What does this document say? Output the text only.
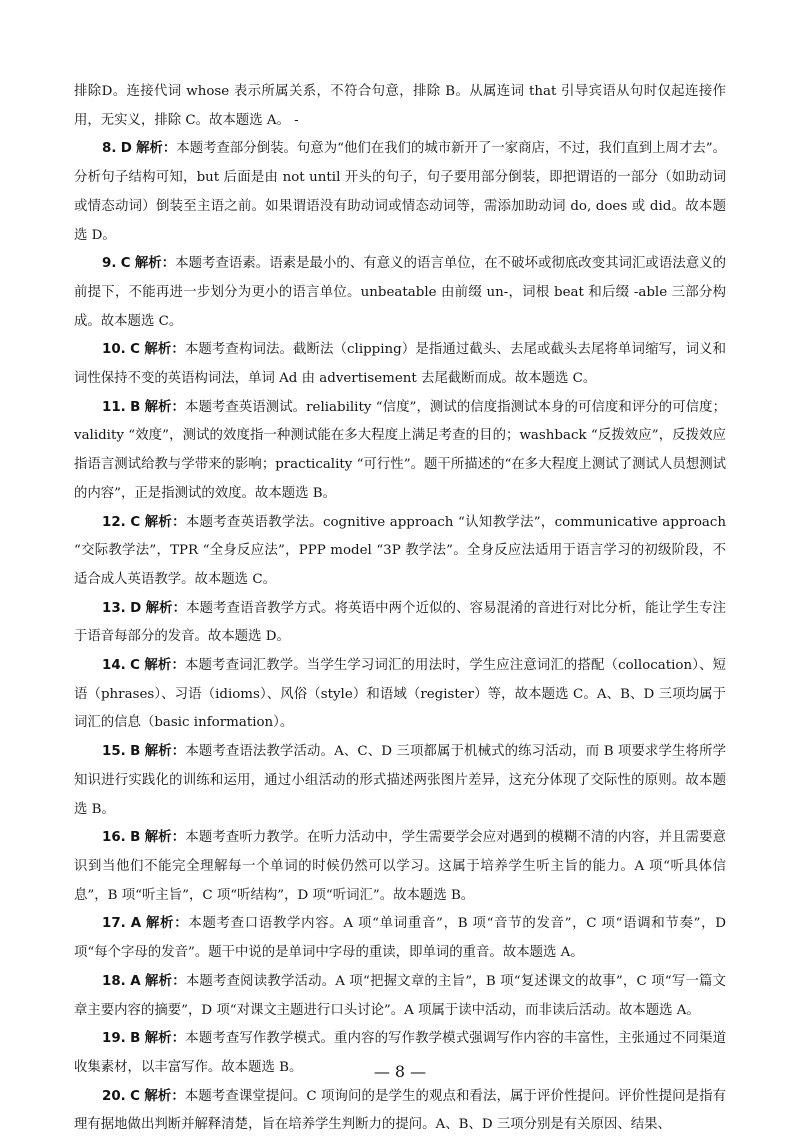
排除D。连接代词 whose 表示所属关系，不符合句意，排除 B。从属连词 that 引导宾语从句时仅起连接作用，无实义，排除 C。故本题选 A。 -

8. D 解析：本题考查部分倒装。句意为“他们在我们的城市新开了一家商店，不过，我们直到上周才去”。分析句子结构可知，but 后面是由 not until 开头的句子，句子要用部分倒装，即把谓语的一部分（如助动词或情态动词）倒装至主语之前。如果谓语没有助动词或情态动词等，需添加助动词 do, does 或 did。故本题选 D。

9. C 解析：本题考查语素。语素是最小的、有意义的语言单位，在不破坏或彻底改变其词汇或语法意义的前提下，不能再进一步划分为更小的语言单位。unbeatable 由前缀 un-，词根 beat 和后缀 -able 三部分构成。故本题选 C。

10. C 解析：本题考查构词法。截断法（clipping）是指通过截头、去尾或截头去尾将单词缩写，词义和词性保持不变的英语构词法，单词 Ad 由 advertisement 去尾截断而成。故本题选 C。

11. B 解析：本题考查英语测试。reliability “信度”，测试的信度指测试本身的可信度和评分的可信度；validity “效度”，测试的效度指一种测试能在多大程度上满足考查的目的；washback “反拨效应”，反拨效应指语言测试给教与学带来的影响；practicality “可行性”。题干所描述的“在多大程度上测试了测试人员想测试的内容”，正是指测试的效度。故本题选 B。

12. C 解析：本题考查英语教学法。cognitive approach “认知教学法”，communicative approach “交际教学法”，TPR “全身反应法”，PPP model “3P 教学法”。全身反应法适用于语言学习的初级阶段，不适合成人英语教学。故本题选 C。

13. D 解析：本题考查语音教学方式。将英语中两个近似的、容易混淆的音进行对比分析，能让学生专注于语音每部分的发音。故本题选 D。

14. C 解析：本题考查词汇教学。当学生学习词汇的用法时，学生应注意词汇的搭配（collocation）、短语（phrases）、习语（idioms）、风俗（style）和语域（register）等，故本题选 C。A、B、D 三项均属于词汇的信息（basic information）。

15. B 解析：本题考查语法教学活动。A、C、D 三项都属于机械式的练习活动，而 B 项要求学生将所学知识进行实践化的训练和运用，通过小组活动的形式描述两张图片差异，这充分体现了交际性的原则。故本题选 B。

16. B 解析：本题考查听力教学。在听力活动中，学生需要学会应对遇到的模糊不清的内容，并且需要意识到当他们不能完全理解每一个单词的时候仍然可以学习。这属于培养学生听主旨的能力。A 项“听具体信息”，B 项“听主旨”，C 项“听结构”，D 项“听词汇”。故本题选 B。

17. A 解析：本题考查口语教学内容。A 项“单词重音”，B 项“音节的发音”，C 项“语调和节奏”，D 项“每个字母的发音”。题干中说的是单词中字母的重读，即单词的重音。故本题选 A。

18. A 解析：本题考查阅读教学活动。A 项“把握文章的主旨”，B 项“复述课文的故事”，C 项“写一篇文章主要内容的摘要”，D 项“对课文主题进行口头讨论”。A 项属于读中活动，而非读后活动。故本题选 A。

19. B 解析：本题考查写作教学模式。重内容的写作教学模式强调写作内容的丰富性，主张通过不同渠道收集素材，以丰富写作。故本题选 B。

20. C 解析：本题考查课堂提问。C 项询问的是学生的观点和看法，属于评价性提问。评价性提问是指有理有据地做出判断并解释清楚，旨在培养学生判断力的提问。A、B、D 三项分别是有关原因、结果、

— 8 —
